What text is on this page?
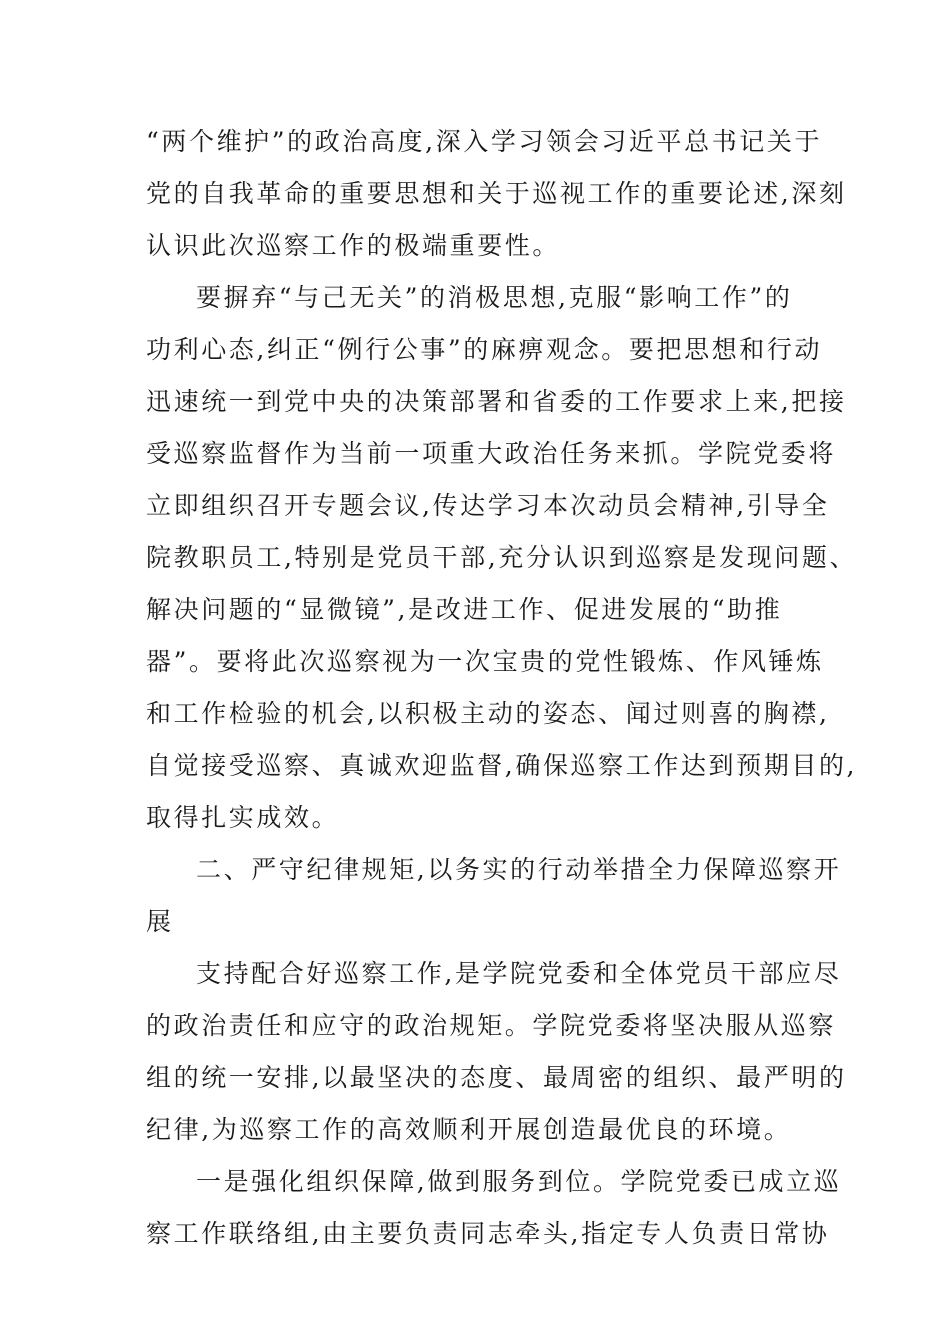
“两个维护”的政治高度,深入学习领会习近平总书记关于
党的自我革命的重要思想和关于巡视工作的重要论述,深刻
认识此次巡察工作的极端重要性。
要摒弃“与己无关”的消极思想,克服“影响工作”的
功利心态,纠正“例行公事”的麻痹观念。要把思想和行动
迅速统一到党中央的决策部署和省委的工作要求上来,把接
受巡察监督作为当前一项重大政治任务来抓。学院党委将
立即组织召开专题会议,传达学习本次动员会精神,引导全
院教职员工,特别是党员干部,充分认识到巡察是发现问题、
解决问题的“显微镜”,是改进工作、促进发展的“助推
器”。要将此次巡察视为一次宝贵的党性锻炼、作风锤炼
和工作检验的机会,以积极主动的姿态、闻过则喜的胸襟,
自觉接受巡察、真诚欢迎监督,确保巡察工作达到预期目的,
取得扎实成效。
二、严守纪律规矩,以务实的行动举措全力保障巡察开
展
支持配合好巡察工作,是学院党委和全体党员干部应尽
的政治责任和应守的政治规矩。学院党委将坚决服从巡察
组的统一安排,以最坚决的态度、最周密的组织、最严明的
纪律,为巡察工作的高效顺利开展创造最优良的环境。
一是强化组织保障,做到服务到位。学院党委已成立巡
察工作联络组,由主要负责同志牵头,指定专人负责日常协
